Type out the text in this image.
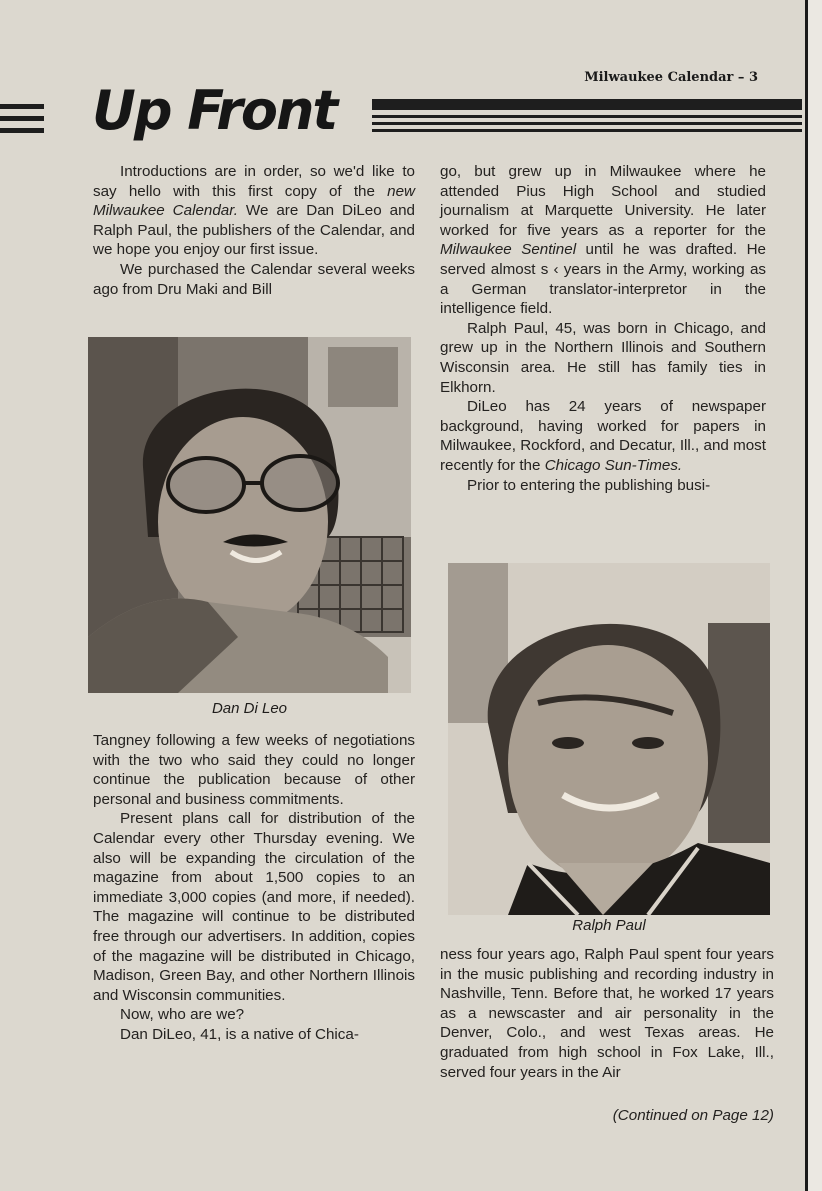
Milwaukee Calendar – 3
Up Front

Introductions are in order, so we'd like to say hello with this first copy of the new Milwaukee Calendar. We are Dan DiLeo and Ralph Paul, the publishers of the Calendar, and we hope you enjoy our first issue.

We purchased the Calendar several weeks ago from Dru Maki and Bill

Dan Di Leo

Tangney following a few weeks of negotiations with the two who said they could no longer continue the publication because of other personal and business commitments.

Present plans call for distribution of the Calendar every other Thursday evening. We also will be expanding the circulation of the magazine from about 1,500 copies to an immediate 3,000 copies (and more, if needed). The magazine will continue to be distributed free through our advertisers. In addition, copies of the magazine will be distributed in Chicago, Madison, Green Bay, and other Northern Illinois and Wisconsin communities.

Now, who are we?

Dan DiLeo, 41, is a native of Chica-

go, but grew up in Milwaukee where he attended Pius High School and studied journalism at Marquette University. He later worked for five years as a reporter for the Milwaukee Sentinel until he was drafted. He served almost s ‹ years in the Army, working as a German translator-interpretor in the intelligence field.

Ralph Paul, 45, was born in Chicago, and grew up in the Northern Illinois and Southern Wisconsin area. He still has family ties in Elkhorn.

DiLeo has 24 years of newspaper background, having worked for papers in Milwaukee, Rockford, and Decatur, Ill., and most recently for the Chicago Sun-Times.

Prior to entering the publishing busi-

Ralph Paul

ness four years ago, Ralph Paul spent four years in the music publishing and recording industry in Nashville, Tenn. Before that, he worked 17 years as a newscaster and air personality in the Denver, Colo., and west Texas areas. He graduated from high school in Fox Lake, Ill., served four years in the Air

(Continued on Page 12)
